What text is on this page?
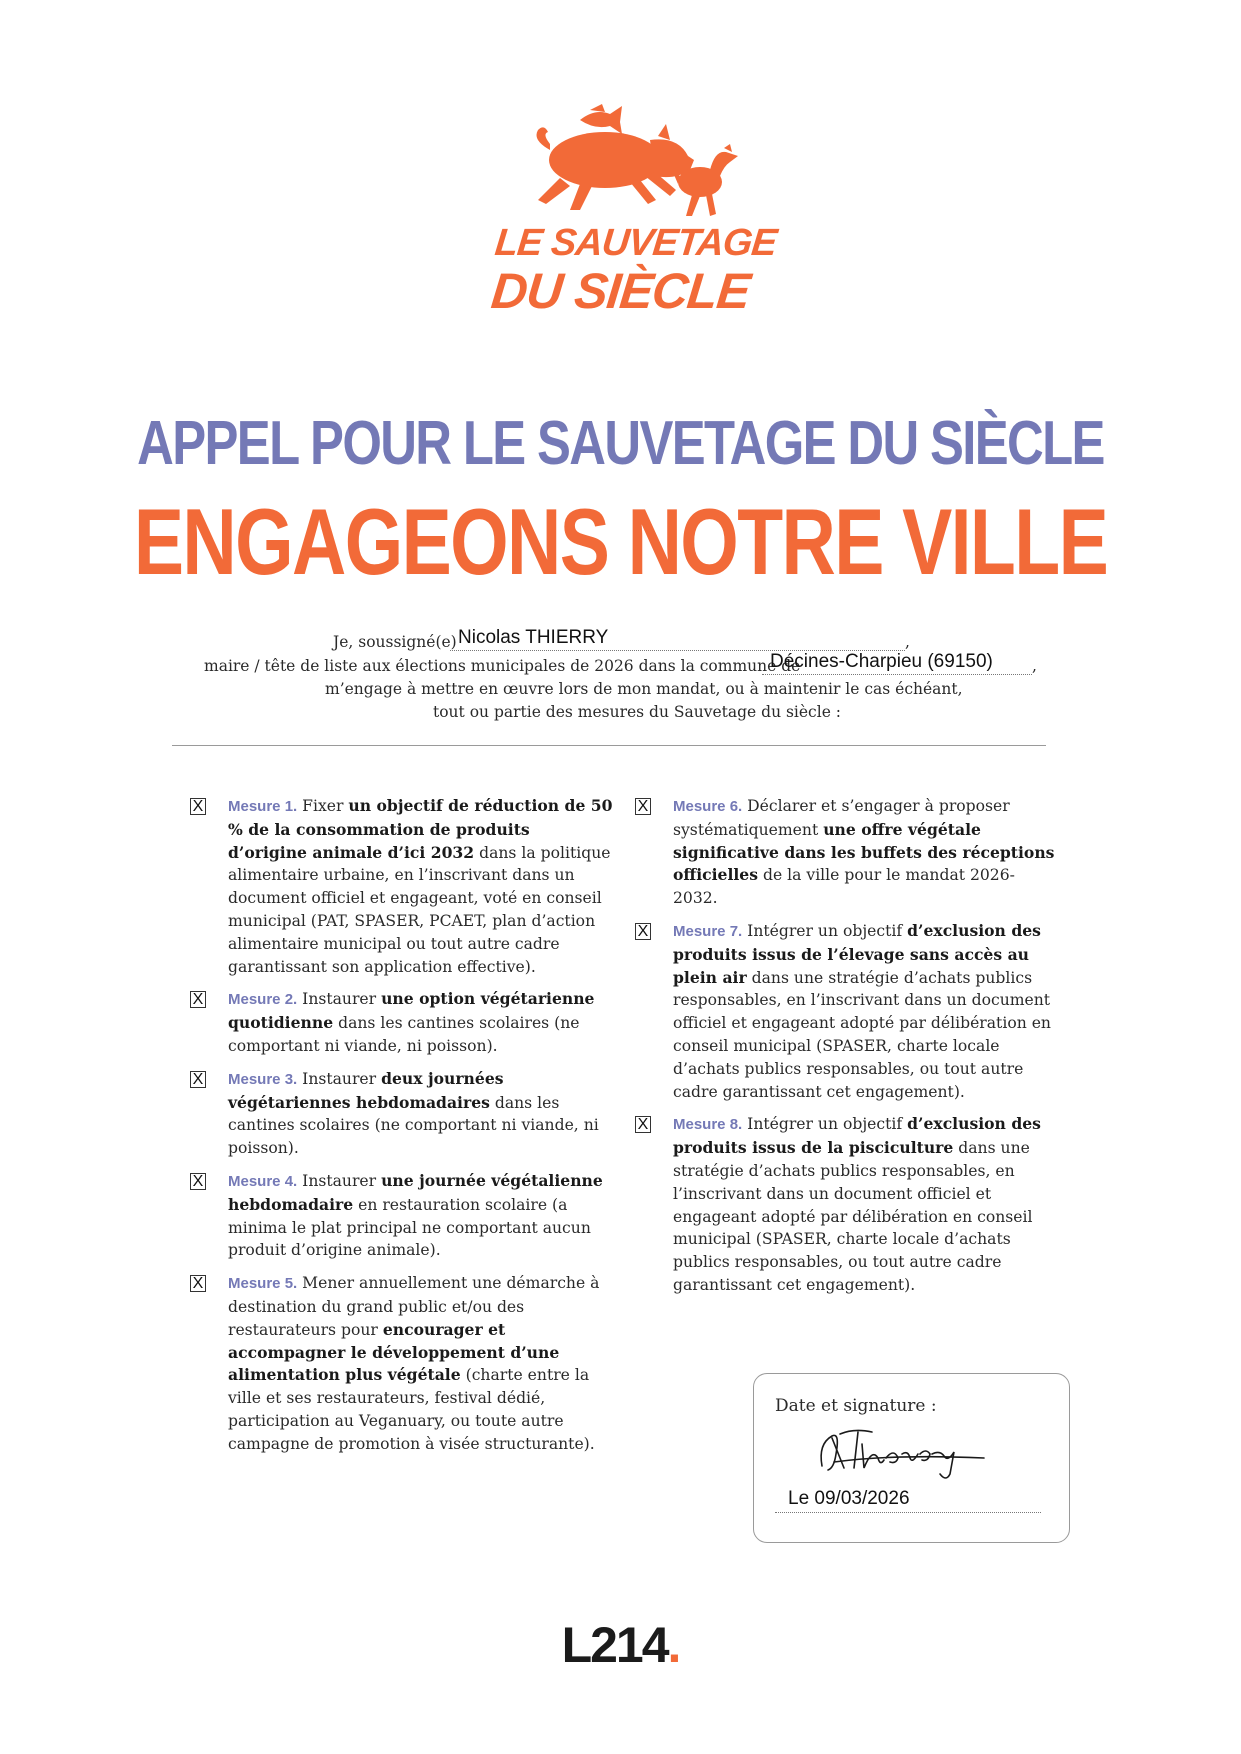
LE SAUVETAGE
DU SIÈCLE
APPEL POUR LE SAUVETAGE DU SIÈCLE
ENGAGEONS NOTRE VILLE
Je, soussigné(e) Nicolas THIERRY	,
maire / tête de liste aux élections municipales de 2026 dans la commune de
Décines-Charpieu (69150)	,
m’engage à mettre en œuvre lors de mon mandat, ou à maintenir le cas échéant,
tout ou partie des mesures du Sauvetage du siècle :
X Mesure 1. Fixer un objectif de réduction de 50 % de la consommation de produits d’origine animale d’ici 2032 dans la politique alimentaire urbaine, en l’inscrivant dans un document officiel et engageant, voté en conseil municipal (PAT, SPASER, PCAET, plan d’action alimentaire municipal ou tout autre cadre garantissant son application effective).
X Mesure 2. Instaurer une option végétarienne quotidienne dans les cantines scolaires (ne comportant ni viande, ni poisson).
X Mesure 3. Instaurer deux journées végétariennes hebdomadaires dans les cantines scolaires (ne comportant ni viande, ni poisson).
X Mesure 4. Instaurer une journée végétalienne hebdomadaire en restauration scolaire (a minima le plat principal ne comportant aucun produit d’origine animale).
X Mesure 5. Mener annuellement une démarche à destination du grand public et/ou des restaurateurs pour encourager et accompagner le développement d’une alimentation plus végétale (charte entre la ville et ses restaurateurs, festival dédié, participation au Veganuary, ou toute autre campagne de promotion à visée structurante).
X Mesure 6. Déclarer et s’engager à proposer systématiquement une offre végétale significative dans les buffets des réceptions officielles de la ville pour le mandat 2026-2032.
X Mesure 7. Intégrer un objectif d’exclusion des produits issus de l’élevage sans accès au plein air dans une stratégie d’achats publics responsables, en l’inscrivant dans un document officiel et engageant adopté par délibération en conseil municipal (SPASER, charte locale d’achats publics responsables, ou tout autre cadre garantissant cet engagement).
X Mesure 8. Intégrer un objectif d’exclusion des produits issus de la pisciculture dans une stratégie d’achats publics responsables, en l’inscrivant dans un document officiel et engageant adopté par délibération en conseil municipal (SPASER, charte locale d’achats publics responsables, ou tout autre cadre garantissant cet engagement).
Date et signature :
Le 09/03/2026
L214.
